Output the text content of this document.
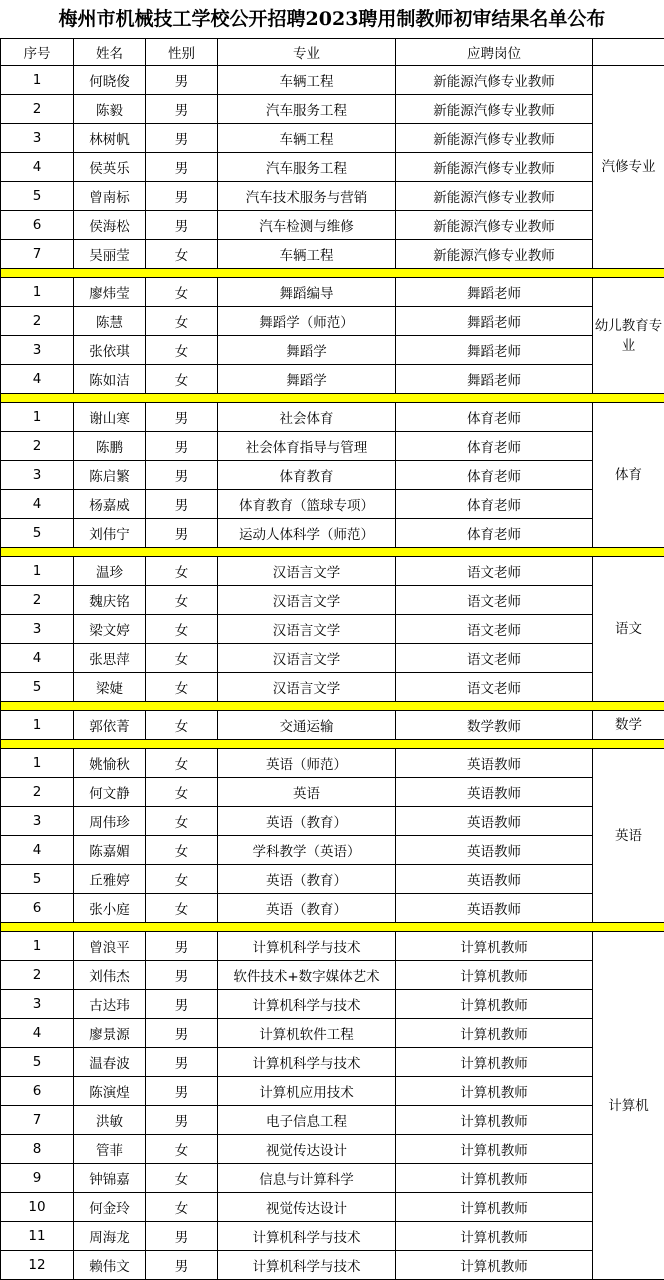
梅州市机械技工学校公开招聘2023聘用制教师初审结果名单公布
序号	姓名	性别	专业	应聘岗位	
1	何晓俊	男	车辆工程	新能源汽修专业教师	汽修专业
2	陈毅	男	汽车服务工程	新能源汽修专业教师	
3	林树帆	男	车辆工程	新能源汽修专业教师	
4	侯英乐	男	汽车服务工程	新能源汽修专业教师	
5	曾南标	男	汽车技术服务与营销	新能源汽修专业教师	
6	侯海松	男	汽车检测与维修	新能源汽修专业教师	
7	吴丽莹	女	车辆工程	新能源汽修专业教师	

1	廖炜莹	女	舞蹈编导	舞蹈老师	幼儿教育专业
2	陈慧	女	舞蹈学（师范）	舞蹈老师	
3	张依琪	女	舞蹈学	舞蹈老师	
4	陈如洁	女	舞蹈学	舞蹈老师	

1	谢山寒	男	社会体育	体育老师	体育
2	陈鹏	男	社会体育指导与管理	体育老师	
3	陈启繁	男	体育教育	体育老师	
4	杨嘉威	男	体育教育（篮球专项）	体育老师	
5	刘伟宁	男	运动人体科学（师范）	体育老师	

1	温珍	女	汉语言文学	语文老师	语文
2	魏庆铭	女	汉语言文学	语文老师	
3	梁文婷	女	汉语言文学	语文老师	
4	张思萍	女	汉语言文学	语文老师	
5	梁婕	女	汉语言文学	语文老师	

1	郭依菁	女	交通运输	数学教师	数学

1	姚愉秋	女	英语（师范）	英语教师	英语
2	何文静	女	英语	英语教师	
3	周伟珍	女	英语（教育）	英语教师	
4	陈嘉媚	女	学科教学（英语）	英语教师	
5	丘雅婷	女	英语（教育）	英语教师	
6	张小庭	女	英语（教育）	英语教师	

1	曾浪平	男	计算机科学与技术	计算机教师	计算机
2	刘伟杰	男	软件技术+数字媒体艺术	计算机教师	
3	古达玮	男	计算机科学与技术	计算机教师	
4	廖景源	男	计算机软件工程	计算机教师	
5	温春波	男	计算机科学与技术	计算机教师	
6	陈演煌	男	计算机应用技术	计算机教师	
7	洪敏	男	电子信息工程	计算机教师	
8	管菲	女	视觉传达设计	计算机教师	
9	钟锦嘉	女	信息与计算科学	计算机教师	
10	何金玲	女	视觉传达设计	计算机教师	
11	周海龙	男	计算机科学与技术	计算机教师	
12	赖伟文	男	计算机科学与技术	计算机教师	
